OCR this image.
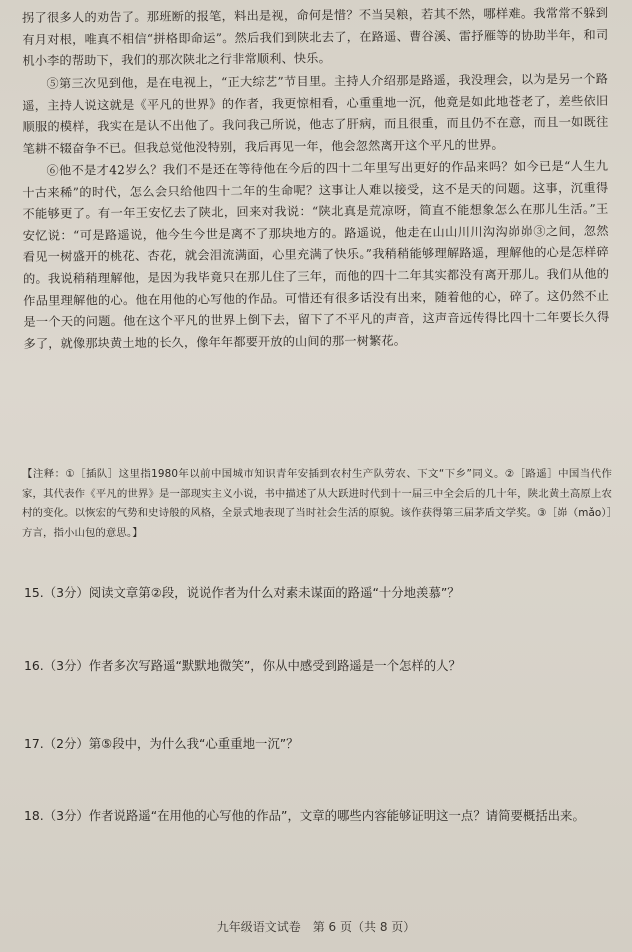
拐了很多人的劝告了。那班断的报笔，料出是视，命何是惜？不当吴粮，若其不然，哪样难。我常常不躲到有月对根，唯真不相信“拼格即命运”。然后我们到陕北去了，在路遥、曹谷溪、雷抒雁等的协助半年，和司机小李的帮助下，我们的那次陕北之行非常顺利、快乐。

⑤第三次见到他，是在电视上，“正大综艺”节目里。主持人介绍那是路遥，我没理会，以为是另一个路遥，主持人说这就是《平凡的世界》的作者，我更惊相看，心重重地一沉，他竟是如此地苍老了，差些依旧顺服的模样，我实在是认不出他了。我问我己所说，他志了肝病，而且很重，而且仍不在意，而且一如既往笔耕不辍奋争不已。但我总觉他没特别，我后再见一年，他会忽然离开这个平凡的世界。

⑥他不是才42岁么？我们不是还在等待他在今后的四十二年里写出更好的作品来吗？如今已是“人生九十古来稀”的时代，怎么会只给他四十二年的生命呢？这事让人难以接受，这不是天的问题。这事，沉重得不能够更了。有一年王安忆去了陕北，回来对我说：“陕北真是荒凉呀，简直不能想象怎么在那儿生活。”王安忆说：“可是路遥说，他今生今世是离不了那块地方的。路遥说，他走在山山川川沟沟峁峁③之间，忽然看见一树盛开的桃花、杏花，就会泪流满面，心里充满了快乐。”我稍稍能够理解路遥，理解他的心是怎样碎的。我说稍稍理解他，是因为我毕竟只在那儿住了三年，而他的四十二年其实都没有离开那儿。我们从他的作品里理解他的心。他在用他的心写他的作品。可惜还有很多话没有出来，随着他的心，碎了。这仍然不止是一个天的问题。他在这个平凡的世界上倒下去，留下了不平凡的声音，这声音远传得比四十二年要长久得多了，就像那块黄土地的长久，像年年都要开放的山间的那一树繁花。

【注释：①［插队］这里指1980年以前中国城市知识青年安插到农村生产队劳农、下文“下乡”同义。②［路遥］中国当代作家，其代表作《平凡的世界》是一部现实主义小说，书中描述了从大跃进时代到十一届三中全会后的几十年，陕北黄土高原上农村的变化。以恢宏的气势和史诗般的风格，全景式地表现了当时社会生活的原貌。该作获得第三届茅盾文学奖。③［峁（mǎo）］方言，指小山包的意思。】

15.（3分）阅读文章第②段，说说作者为什么对素未谋面的路遥“十分地羡慕”？

16.（3分）作者多次写路遥“默默地微笑”，你从中感受到路遥是一个怎样的人？

17.（2分）第⑤段中，为什么我“心重重地一沉”？

18.（3分）作者说路遥“在用他的心写他的作品”，文章的哪些内容能够证明这一点？请简要概括出来。

九年级语文试卷　第 6 页（共 8 页）
